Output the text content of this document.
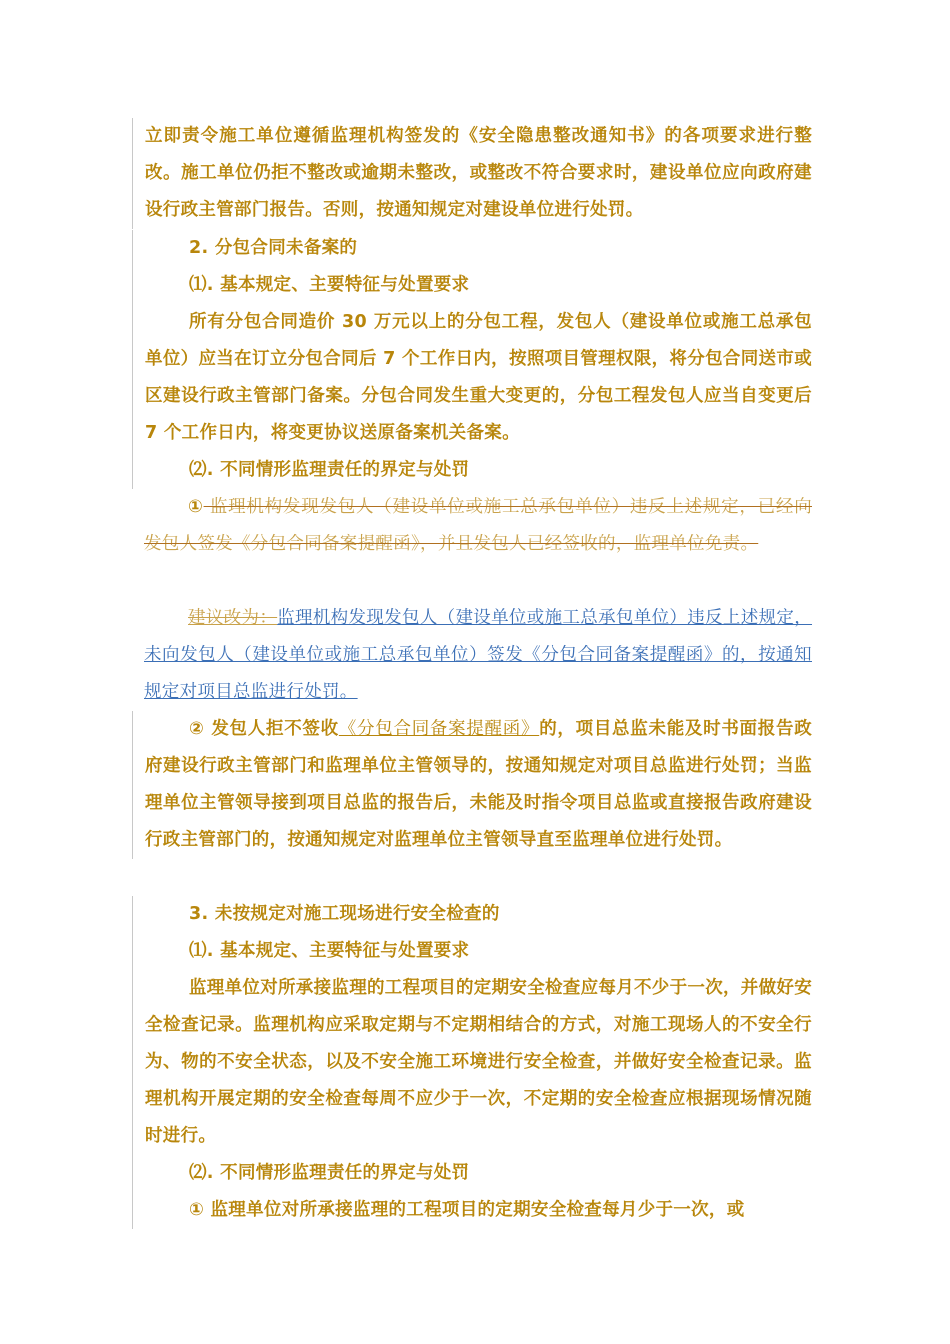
立即责令施工单位遵循监理机构签发的《安全隐患整改通知书》的各项要求进行整改。施工单位仍拒不整改或逾期未整改，或整改不符合要求时，建设单位应向政府建设行政主管部门报告。否则，按通知规定对建设单位进行处罚。

2. 分包合同未备案的

⑴. 基本规定、主要特征与处置要求

所有分包合同造价 30 万元以上的分包工程，发包人（建设单位或施工总承包单位）应当在订立分包合同后 7 个工作日内，按照项目管理权限，将分包合同送市或区建设行政主管部门备案。分包合同发生重大变更的，分包工程发包人应当自变更后 7 个工作日内，将变更协议送原备案机关备案。

⑵. 不同情形监理责任的界定与处罚

① 监理机构发现发包人（建设单位或施工总承包单位）违反上述规定，已经向发包人签发《分包合同备案提醒函》，并且发包人已经签收的，监理单位免责。

建议改为：监理机构发现发包人（建设单位或施工总承包单位）违反上述规定，未向发包人（建设单位或施工总承包单位）签发《分包合同备案提醒函》的，按通知规定对项目总监进行处罚。

② 发包人拒不签收《分包合同备案提醒函》的，项目总监未能及时书面报告政府建设行政主管部门和监理单位主管领导的，按通知规定对项目总监进行处罚；当监理单位主管领导接到项目总监的报告后，未能及时指令项目总监或直接报告政府建设行政主管部门的，按通知规定对监理单位主管领导直至监理单位进行处罚。

3. 未按规定对施工现场进行安全检查的

⑴. 基本规定、主要特征与处置要求

监理单位对所承接监理的工程项目的定期安全检查应每月不少于一次，并做好安全检查记录。监理机构应采取定期与不定期相结合的方式，对施工现场人的不安全行为、物的不安全状态，以及不安全施工环境进行安全检查，并做好安全检查记录。监理机构开展定期的安全检查每周不应少于一次，不定期的安全检查应根据现场情况随时进行。

⑵. 不同情形监理责任的界定与处罚

① 监理单位对所承接监理的工程项目的定期安全检查每月少于一次，或
